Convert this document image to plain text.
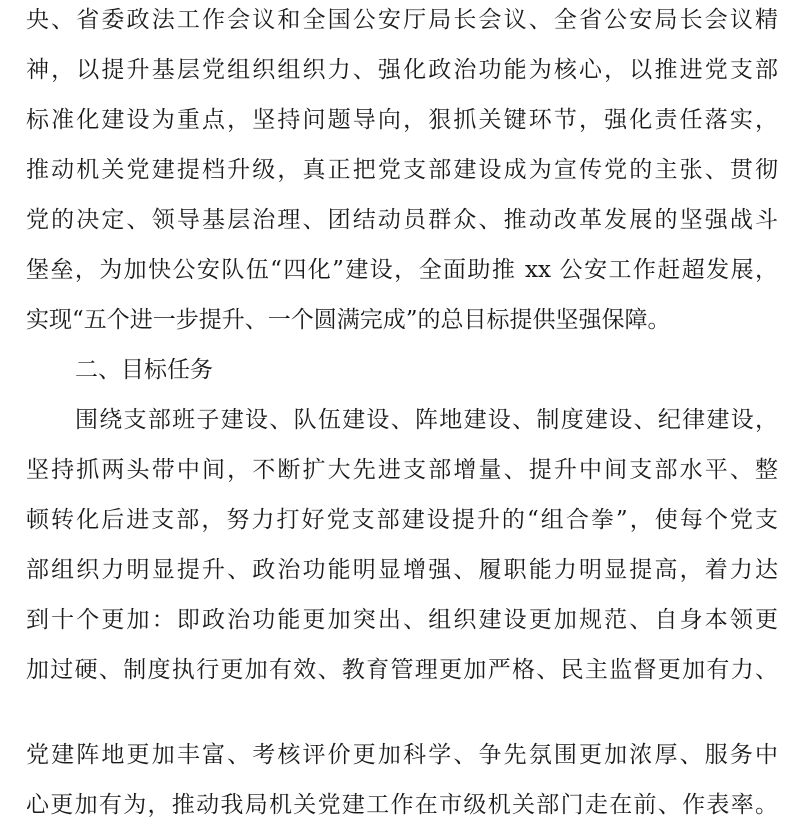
央、省委政法工作会议和全国公安厅局长会议、全省公安局长会议精
神，以提升基层党组织组织力、强化政治功能为核心，以推进党支部
标准化建设为重点，坚持问题导向，狠抓关键环节，强化责任落实，
推动机关党建提档升级，真正把党支部建设成为宣传党的主张、贯彻
党的决定、领导基层治理、团结动员群众、推动改革发展的坚强战斗
堡垒，为加快公安队伍“四化”建设，全面助推 xx 公安工作赶超发展，
实现“五个进一步提升、一个圆满完成”的总目标提供坚强保障。
二、目标任务
围绕支部班子建设、队伍建设、阵地建设、制度建设、纪律建设，
坚持抓两头带中间，不断扩大先进支部增量、提升中间支部水平、整
顿转化后进支部，努力打好党支部建设提升的“组合拳”，使每个党支
部组织力明显提升、政治功能明显增强、履职能力明显提高，着力达
到十个更加：即政治功能更加突出、组织建设更加规范、自身本领更
加过硬、制度执行更加有效、教育管理更加严格、民主监督更加有力、
党建阵地更加丰富、考核评价更加科学、争先氛围更加浓厚、服务中
心更加有为，推动我局机关党建工作在市级机关部门走在前、作表率。
